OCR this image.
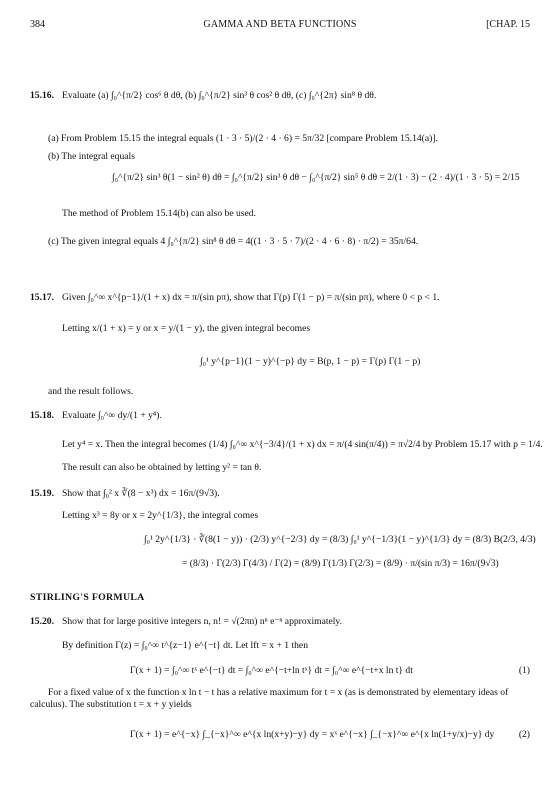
384	GAMMA AND BETA FUNCTIONS	[CHAP. 15
15.16. Evaluate (a) ∫₀^{π/2} cos⁶ θ dθ, (b) ∫₀^{π/2} sin³ θ cos² θ dθ, (c) ∫₀^{2π} sin⁸ θ dθ.
(a) From Problem 15.15 the integral equals (1 · 3 · 5)/(2 · 4 · 6) = 5π/32 [compare Problem 15.14(a)].
(b) The integral equals
∫₀^{π/2} sin³ θ(1 − sin² θ) dθ = ∫₀^{π/2} sin³ θ dθ − ∫₀^{π/2} sin⁵ θ dθ = 2/(1 · 3) − (2 · 4)/(1 · 3 · 5) = 2/15
The method of Problem 15.14(b) can also be used.
(c) The given integral equals 4 ∫₀^{π/2} sin⁸ θ dθ = 4((1 · 3 · 5 · 7)/(2 · 4 · 6 · 8) · π/2) = 35π/64.
15.17. Given ∫₀^∞ x^{p−1}/(1 + x) dx = π/(sin pπ), show that Γ(p) Γ(1 − p) = π/(sin pπ), where 0 < p < 1.
Letting x/(1 + x) = y or x = y/(1 − y), the given integral becomes
∫₀¹ y^{p−1}(1 − y)^{−p} dy = B(p, 1 − p) = Γ(p) Γ(1 − p)
and the result follows.
15.18. Evaluate ∫₀^∞ dy/(1 + y⁴).
Let y⁴ = x. Then the integral becomes (1/4) ∫₀^∞ x^{−3/4}/(1 + x) dx = π/(4 sin(π/4)) = π√2/4 by Problem 15.17 with p = 1/4.
The result can also be obtained by letting y² = tan θ.
15.19. Show that ∫₀² x ∛(8 − x³) dx = 16π/(9√3).
Letting x³ = 8y or x = 2y^{1/3}, the integral comes
∫₀¹ 2y^{1/3} · ∛(8(1 − y)) · (2/3) y^{−2/3} dy = (8/3) ∫₀¹ y^{−1/3}(1 − y)^{1/3} dy = (8/3) B(2/3, 4/3)
= (8/3) · Γ(2/3) Γ(4/3) / Γ(2) = (8/9) Γ(1/3) Γ(2/3) = (8/9) · π/(sin π/3) = 16π/(9√3)
STIRLING'S FORMULA
15.20. Show that for large positive integers n, n! = √(2πn) nⁿ e⁻ⁿ approximately.
By definition Γ(z) = ∫₀^∞ t^{z−1} e^{−t} dt. Let lft = x + 1 then
Γ(x + 1) = ∫₀^∞ tˣ e^{−t} dt = ∫₀^∞ e^{−t+ln tˣ} dt = ∫₀^∞ e^{−t+x ln t} dt	(1)
For a fixed value of x the function x ln t − t has a relative maximum for t = x (as is demonstrated by elementary ideas of calculus). The substitution t = x + y yields
Γ(x + 1) = e^{−x} ∫_{−x}^∞ e^{x ln(x+y)−y} dy = xˣ e^{−x} ∫_{−x}^∞ e^{x ln(1+y/x)−y} dy	(2)
